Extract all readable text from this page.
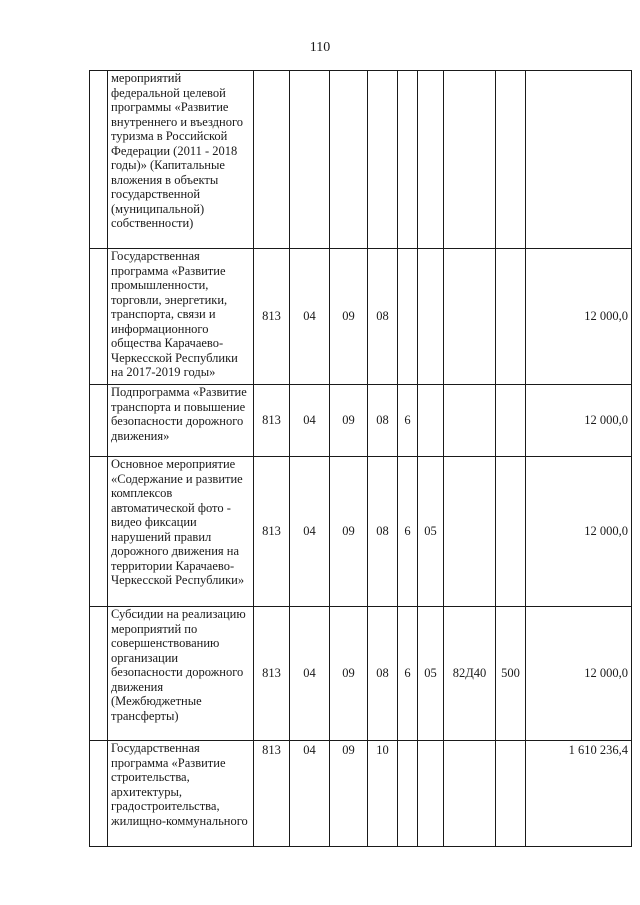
110
	мероприятий федеральной целевой программы «Развитие внутреннего и въездного туризма в Российской Федерации (2011 - 2018 годы)» (Капитальные вложения в объекты государственной (муниципальной) собственности)									
	Государственная программа «Развитие промышленности, торговли, энергетики, транспорта, связи и информационного общества Карачаево-Черкесской Республики на 2017-2019 годы»	813	04	09	08					12 000,0
	Подпрограмма «Развитие транспорта и повышение безопасности дорожного движения»	813	04	09	08	6				12 000,0
	Основное мероприятие «Содержание и развитие комплексов автоматической фото - видео фиксации нарушений правил дорожного движения на территории Карачаево-Черкесской Республики»	813	04	09	08	6	05			12 000,0
	Субсидии на реализацию мероприятий по совершенствованию организации безопасности дорожного движения (Межбюджетные трансферты)	813	04	09	08	6	05	82Д40	500	12 000,0
	Государственная программа «Развитие строительства, архитектуры, градостроительства, жилищно-коммунального	813	04	09	10					1 610 236,4
